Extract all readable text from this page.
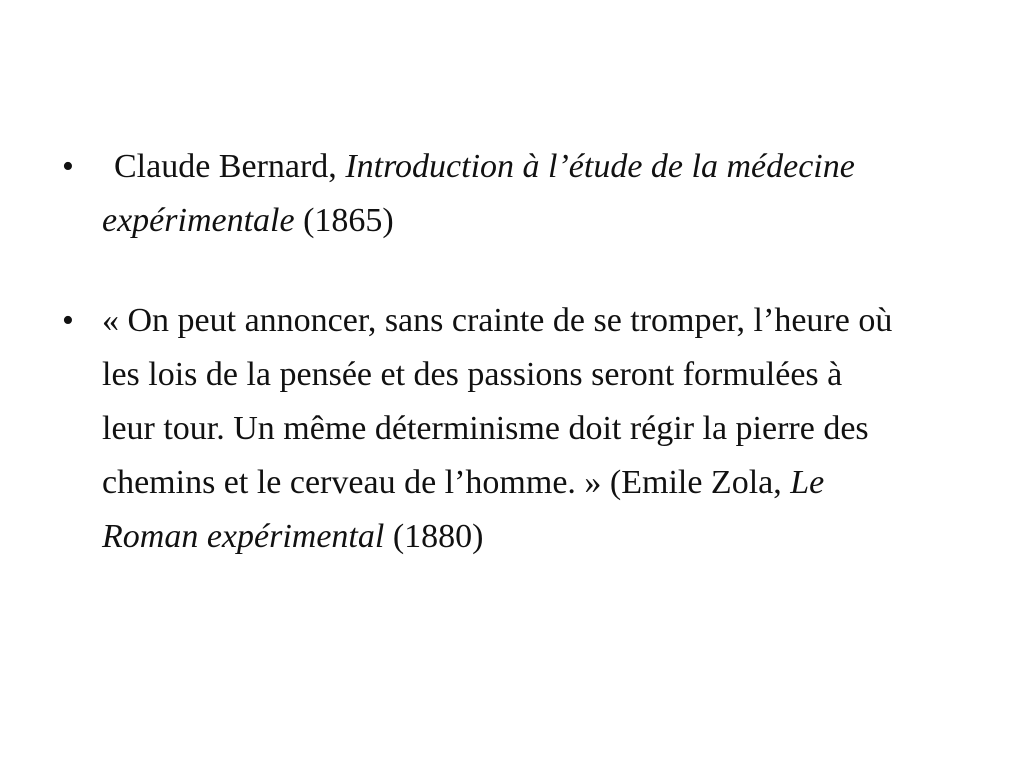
• Claude Bernard, Introduction à l’étude de la médecine expérimentale (1865)
• « On peut annoncer, sans crainte de se tromper, l’heure où les lois de la pensée et des passions seront formulées à leur tour. Un même déterminisme doit régir la pierre des chemins et le cerveau de l’homme. » (Emile Zola, Le Roman expérimental (1880)
